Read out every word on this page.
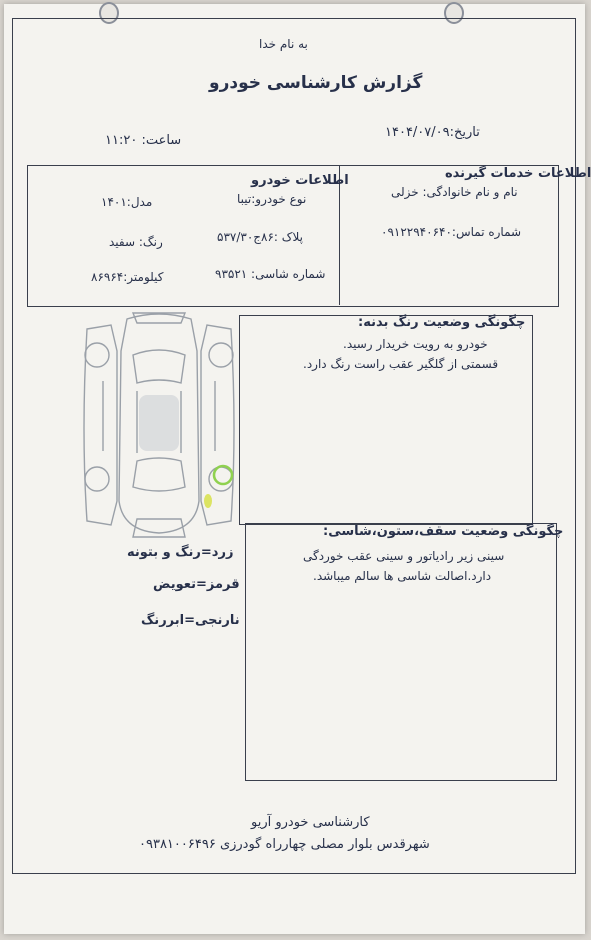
به نام خدا
گزارش کارشناسی خودرو
تاریخ:۱۴۰۴/۰۷/۰۹
ساعت: ۱۱:۲۰
اطلاعات خدمات گیرنده
نام و نام خانوادگی: خزلی
شماره تماس:۰۹۱۲۲۹۴۰۶۴۰
اطلاعات خودرو
نوع خودرو:تیبا
مدل:۱۴۰۱
پلاک :۸۶ج۵۳۷/۳۰
رنگ: سفید
شماره شاسی: ۹۳۵۲۱
کیلومتر:۸۶۹۶۴
زرد=رنگ و بتونه
قرمز=تعویض
نارنجی=ابررنگ
چگونگی وضعیت رنگ بدنه:
خودرو به رویت خریدار رسید.
قسمتی از گلگیر عقب راست رنگ دارد.
چگونگی وضعیت سقف،ستون،شاسی:
سینی زیر رادیاتور و سینی عقب خوردگی
دارد.اصالت شاسی ها سالم میباشد.
کارشناسی خودرو آریو
شهرقدس بلوار مصلی چهارراه گودرزی ۰۹۳۸۱۰۰۶۴۹۶
